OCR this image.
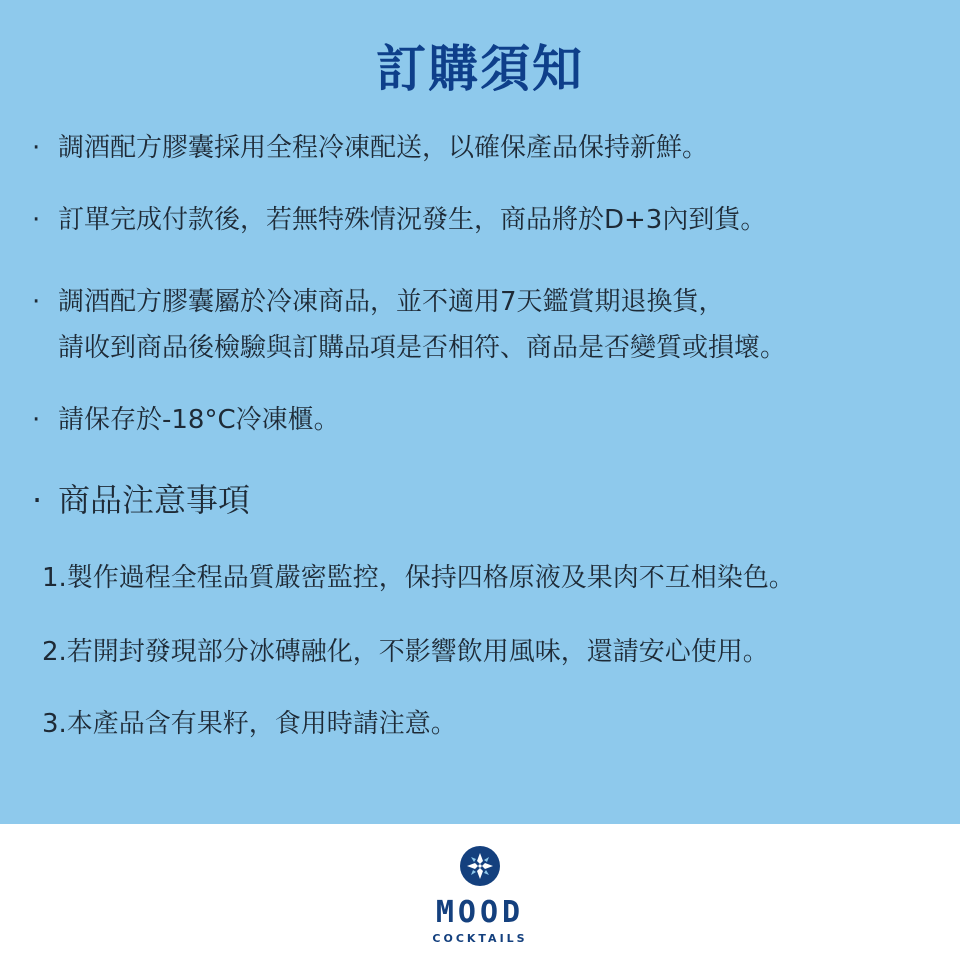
訂購須知
· 調酒配方膠囊採用全程冷凍配送，以確保產品保持新鮮。
· 訂單完成付款後，若無特殊情況發生，商品將於D+3內到貨。
· 調酒配方膠囊屬於冷凍商品，並不適用7天鑑賞期退換貨，
請收到商品後檢驗與訂購品項是否相符、商品是否變質或損壞。
· 請保存於-18°C冷凍櫃。
· 商品注意事項
1.製作過程全程品質嚴密監控，保持四格原液及果肉不互相染色。
2.若開封發現部分冰磚融化，不影響飲用風味，還請安心使用。
3.本產品含有果籽，食用時請注意。
MOOD
COCKTAILS
